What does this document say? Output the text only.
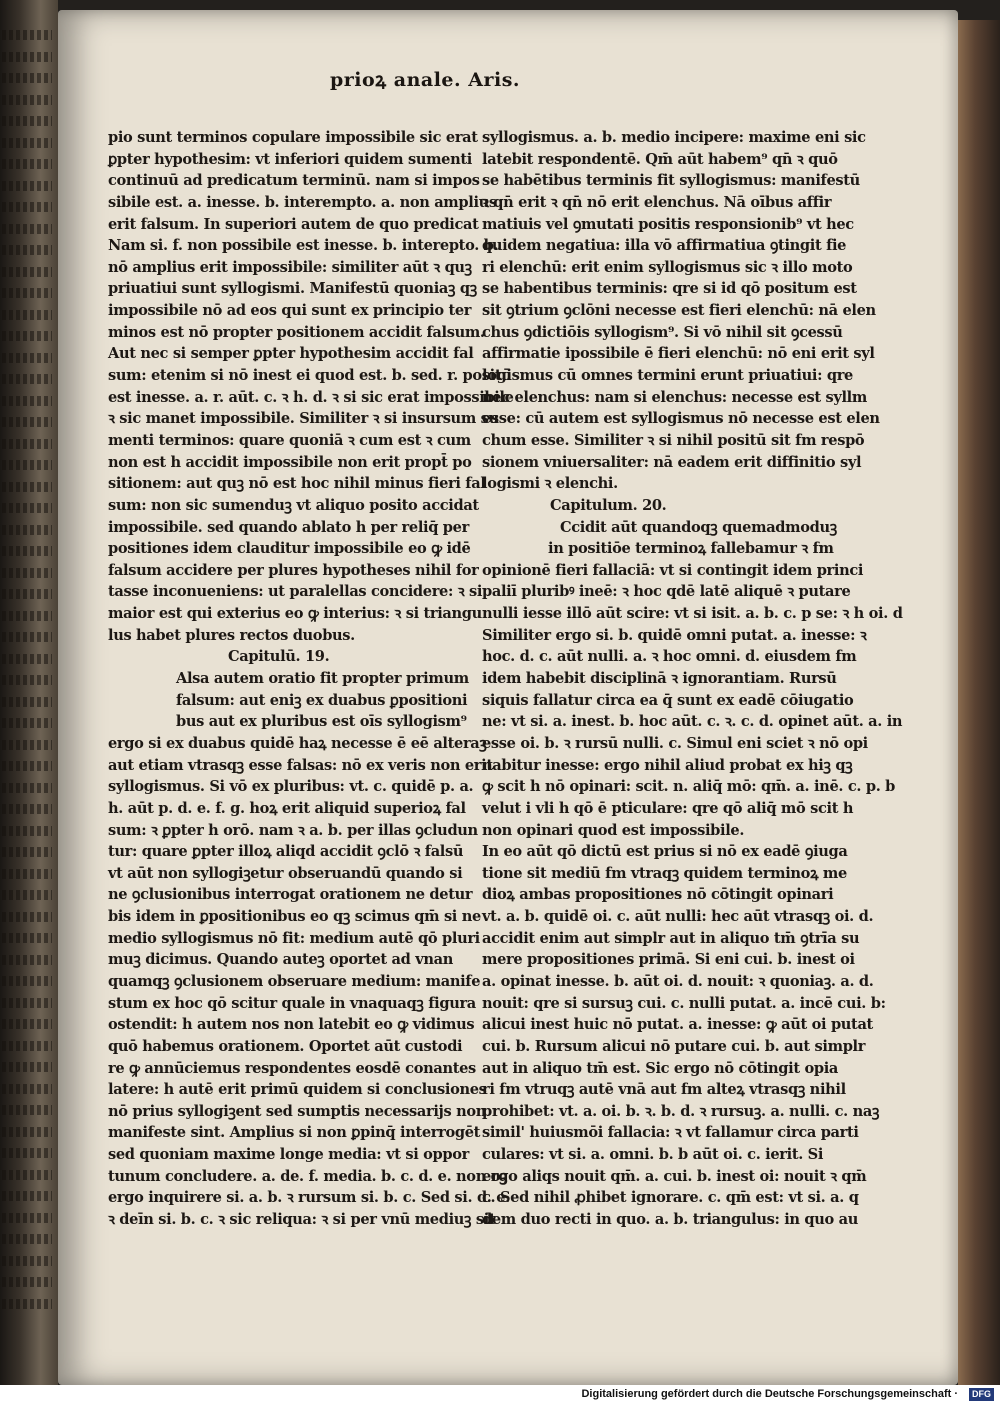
prioꝝ anale. Aris.
pio sunt terminos copulare impossibile sic erat
ꝑpter hypothesim: vt inferiori quidem sumenti
continuū ad predicatum terminū. nam si impos
sibile est. a. inesse. b. interempto. a. non amplius
erit falsum. In superiori autem de quo predicat
Nam si. f. non possibile est inesse. b. interepto. b.
nō amplius erit impossibile: similiter aūt ꝛ quꝫ
priuatiui sunt syllogismi. Manifestū quoniaꝫ qꝫ
impossibile nō ad eos qui sunt ex principio ter
minos est nō propter positionem accidit falsum.
Aut nec si semper ꝑpter hypothesim accidit fal
sum: etenim si nō inest ei quod est. b. sed. r. positū
est inesse. a. r. aūt. c. ꝛ h. d. ꝛ si sic erat impossibile
ꝛ sic manet impossibile. Similiter ꝛ si insursum su
menti terminos: quare quoniā ꝛ cum est ꝛ cum
non est h accidit impossibile non erit propt̄ po
sitionem: aut quꝫ nō est hoc nihil minus fieri fal
sum: non sic sumenduꝫ vt aliquo posito accidat
impossibile. sed quando ablato h per reliq̄ per
positiones idem clauditur impossibile eo ꝙ idē
falsum accidere per plures hypotheses nihil for
tasse inconueniens: ut paralellas concidere: ꝛ si
maior est qui exterius eo ꝙ interius: ꝛ si triangu
lus habet plures rectos duobus.
Capitulū. 19.
Alsa autem oratio fit propter primum
falsum: aut eniꝫ ex duabus ꝑpositioni
bus aut ex pluribus est oīs syllogism⁹
ergo si ex duabus quidē haꝝ necesse ē eē alteraꝫ
aut etiam vtrasqꝫ esse falsas: nō ex veris non erit
syllogismus. Si vō ex pluribus: vt. c. quidē p. a.
h. aūt p. d. e. f. g. hoꝝ erit aliquid superioꝝ fal
sum: ꝛ ꝑpter h orō. nam ꝛ a. b. per illas ꝯcludun
tur: quare ꝑpter illoꝝ aliqd accidit ꝯclō ꝛ falsū
vt aūt non syllogiꝫetur obseruandū quando si
ne ꝯclusionibus interrogat orationem ne detur
bis idem in ꝑpositionibus eo qꝫ scimus qm̄ si ne
medio syllogismus nō fit: medium autē qō pluri
muꝫ dicimus. Quando auteꝫ oportet ad vnan
quamqꝫ ꝯclusionem obseruare medium: manife
stum ex hoc qō scitur quale in vnaquaqꝫ figura
ostendit: h autem nos non latebit eo ꝙ vidimus
quō habemus orationem. Oportet aūt custodi
re ꝙ annūciemus respondentes eosdē conantes
latere: h autē erit primū quidem si conclusiones
nō prius syllogiꝫent sed sumptis necessarijs non
manifeste sint. Amplius si non ꝑpinq̄ interrogēt
sed quoniam maxime longe media: vt si oppor
tunum concludere. a. de. f. media. b. c. d. e. non oꝫ
ergo inquirere si. a. b. ꝛ rursum si. b. c. Sed si. d. e.
ꝛ deīn si. b. c. ꝛ sic reliqua: ꝛ si per vnū mediuꝫ sit
syllogismus. a. b. medio incipere: maxime eni sic
latebit respondentē. Qm̄ aūt habem⁹ qn̄ ꝛ quō
se habētibus terminis fit syllogismus: manifestū
ꝛ qn̄ erit ꝛ qn̄ nō erit elenchus. Nā oībus affir
matiuis vel ꝯmutati positis responsionib⁹ vt hec
quidem negatiua: illa vō affirmatiua ꝯtingit fie
ri elenchū: erit enim syllogismus sic ꝛ illo moto
se habentibus terminis: qre si id qō positum est
sit ꝯtrium ꝯclōni necesse est fieri elenchū: nā elen
chus ꝯdictiōis syllogism⁹. Si vō nihil sit ꝯcessū
affirmatie ipossibile ē fieri elenchū: nō eni erit syl
logismus cū omnes termini erunt priuatiui: qre
nec elenchus: nam si elenchus: necesse est syllm
esse: cū autem est syllogismus nō necesse est elen
chum esse. Similiter ꝛ si nihil positū sit fm respō
sionem vniuersaliter: nā eadem erit diffinitio syl
logismi ꝛ elenchi.
Capitulum. 20.
Ccidit aūt quandoqꝫ quemadmoduꝫ
in positiōe terminoꝝ fallebamur ꝛ fm
opinionē fieri fallaciā: vt si contingit idem princi
paliī pluribꝰ ineē: ꝛ hoc qdē latē aliquē ꝛ putare
nulli iesse illō aūt scire: vt si isit. a. b. c. p se: ꝛ h oi. d
Similiter ergo si. b. quidē omni putat. a. inesse: ꝛ
hoc. d. c. aūt nulli. a. ꝛ hoc omni. d. eiusdem fm
idem habebit disciplinā ꝛ ignorantiam. Rursū
siquis fallatur circa ea q̄ sunt ex eadē cōiugatio
ne: vt si. a. inest. b. hoc aūt. c. ꝛ. c. d. opinet aūt. a. in
esse oi. b. ꝛ rursū nulli. c. Simul eni sciet ꝛ nō opi
nabitur inesse: ergo nihil aliud probat ex hiꝫ qꝫ
ꝙ scit h nō opinari: scit. n. aliq̄ mō: qm̄. a. inē. c. p. b
velut i vli h qō ē pticulare: qre qō aliq̄ mō scit h
non opinari quod est impossibile.
In eo aūt qō dictū est prius si nō ex eadē ꝯiuga
tione sit mediū fm vtraqꝫ quidem terminoꝝ me
dioꝝ ambas propositiones nō cōtingit opinari
vt. a. b. quidē oi. c. aūt nulli: hec aūt vtrasqꝫ oi. d.
accidit enim aut simplr aut in aliquo tm̄ ꝯtrīa su
mere propositiones primā. Si eni cui. b. inest oi
a. opinat inesse. b. aūt oi. d. nouit: ꝛ quoniaꝫ. a. d.
nouit: qre si sursuꝫ cui. c. nulli putat. a. incē cui. b:
alicui inest huic nō putat. a. inesse: ꝙ aūt oi putat
cui. b. Rursum alicui nō putare cui. b. aut simplr
aut in aliquo tm̄ est. Sic ergo nō cōtingit opia
ri fm vtruqꝫ autē vnā aut fm alteꝝ vtrasqꝫ nihil
prohibet: vt. a. oi. b. ꝛ. b. d. ꝛ rursuꝫ. a. nulli. c. naꝫ
simil' huiusmōi fallacia: ꝛ vt fallamur circa parti
culares: vt si. a. omni. b. b aūt oi. c. ierit. Si
ergo aliqs nouit qm̄. a. cui. b. inest oi: nouit ꝛ qm̄
c. Sed nihil ꝓhibet ignorare. c. qm̄ est: vt si. a. q
dem duo recti in quo. a. b. triangulus: in quo au
Digitalisierung gefördert durch die Deutsche Forschungsgemeinschaft ·	DFG
